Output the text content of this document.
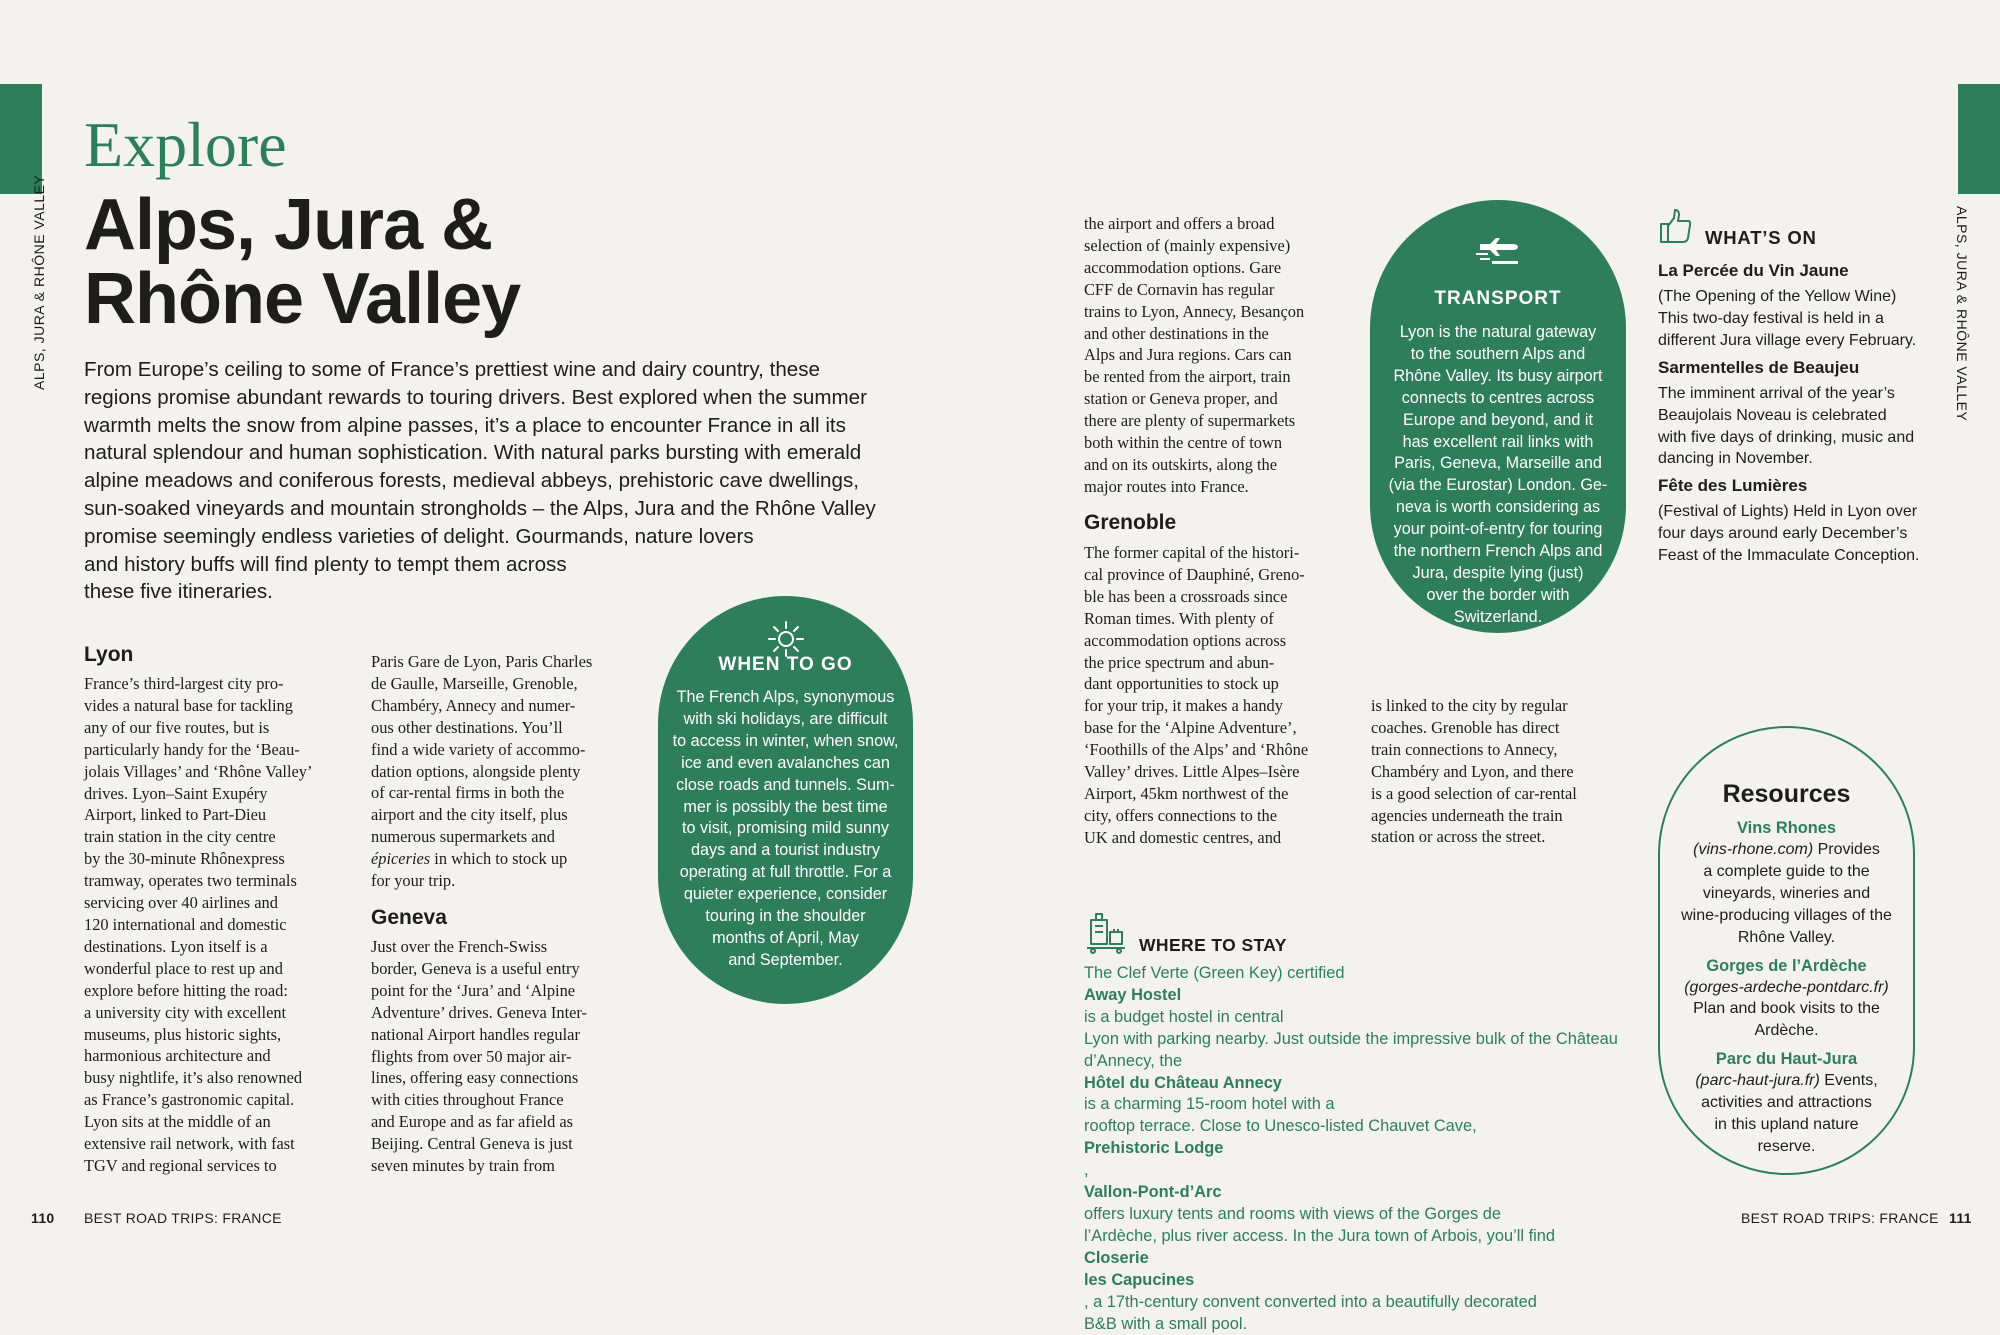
ALPS, JURA & RHÔNE VALLEY	ALPS, JURA & RHÔNE VALLEY
Explore
Alps, Jura &
Rhône Valley
From Europe’s ceiling to some of France’s prettiest wine and dairy country, these
regions promise abundant rewards to touring drivers. Best explored when the summer
warmth melts the snow from alpine passes, it’s a place to encounter France in all its
natural splendour and human sophistication. With natural parks bursting with emerald
alpine meadows and coniferous forests, medieval abbeys, prehistoric cave dwellings,
sun-soaked vineyards and mountain strongholds – the Alps, Jura and the Rhône Valley
promise seemingly endless varieties of delight. Gourmands, nature lovers
and history buffs will find plenty to tempt them across
these five itineraries.
Lyon
France’s third-largest city pro-
vides a natural base for tackling
any of our five routes, but is
particularly handy for the ‘Beau-
jolais Villages’ and ‘Rhône Valley’
drives. Lyon–Saint Exupéry
Airport, linked to Part-Dieu
train station in the city centre
by the 30-minute Rhônexpress
tramway, operates two terminals
servicing over 40 airlines and
120 international and domestic
destinations. Lyon itself is a
wonderful place to rest up and
explore before hitting the road:
a university city with excellent
museums, plus historic sights,
harmonious architecture and
busy nightlife, it’s also renowned
as France’s gastronomic capital.
Lyon sits at the middle of an
extensive rail network, with fast
TGV and regional services to
Paris Gare de Lyon, Paris Charles
de Gaulle, Marseille, Grenoble,
Chambéry, Annecy and numer-
ous other destinations. You’ll
find a wide variety of accommo-
dation options, alongside plenty
of car-rental firms in both the
airport and the city itself, plus
numerous supermarkets and
épiceries in which to stock up
for your trip.
Geneva
Just over the French-Swiss
border, Geneva is a useful entry
point for the ‘Jura’ and ‘Alpine
Adventure’ drives. Geneva Inter-
national Airport handles regular
flights from over 50 major air-
lines, offering easy connections
with cities throughout France
and Europe and as far afield as
Beijing. Central Geneva is just
seven minutes by train from
the airport and offers a broad
selection of (mainly expensive)
accommodation options. Gare
CFF de Cornavin has regular
trains to Lyon, Annecy, Besançon
and other destinations in the
Alps and Jura regions. Cars can
be rented from the airport, train
station or Geneva proper, and
there are plenty of supermarkets
both within the centre of town
and on its outskirts, along the
major routes into France.
WHEN TO GO
The French Alps, synonymous
with ski holidays, are difficult
to access in winter, when snow,
ice and even avalanches can
close roads and tunnels. Sum-
mer is possibly the best time
to visit, promising mild sunny
days and a tourist industry
operating at full throttle. For a
quieter experience, consider
touring in the shoulder
months of April, May
and September.
Grenoble
The former capital of the histori-
cal province of Dauphiné, Greno-
ble has been a crossroads since
Roman times. With plenty of
accommodation options across
the price spectrum and abun-
dant opportunities to stock up
for your trip, it makes a handy
base for the ‘Alpine Adventure’,
‘Foothills of the Alps’ and ‘Rhône
Valley’ drives. Little Alpes–Isère
Airport, 45km northwest of the
city, offers connections to the
UK and domestic centres, and
is linked to the city by regular
coaches. Grenoble has direct
train connections to Annecy,
Chambéry and Lyon, and there
is a good selection of car-rental
agencies underneath the train
station or across the street.
TRANSPORT
Lyon is the natural gateway
to the southern Alps and
Rhône Valley. Its busy airport
connects to centres across
Europe and beyond, and it
has excellent rail links with
Paris, Geneva, Marseille and
(via the Eurostar) London. Ge-
neva is worth considering as
your point-of-entry for touring
the northern French Alps and
Jura, despite lying (just)
over the border with
Switzerland.
WHAT’S ON
La Percée du Vin Jaune
(The Opening of the Yellow Wine)
This two-day festival is held in a
different Jura village every February.
Sarmentelles de Beaujeu
The imminent arrival of the year’s
Beaujolais Noveau is celebrated
with five days of drinking, music and
dancing in November.
Fête des Lumières
(Festival of Lights) Held in Lyon over
four days around early December’s
Feast of the Immaculate Conception.
WHERE TO STAY
The Clef Verte (Green Key) certified
Away Hostel
is a budget hostel in central
Lyon with parking nearby. Just outside the impressive bulk of the Château
d’Annecy, the
Hôtel du Château Annecy
is a charming 15-room hotel with a
rooftop terrace. Close to Unesco-listed Chauvet Cave,
Prehistoric Lodge
,
Vallon-Pont-d’Arc
offers luxury tents and rooms with views of the Gorges de
l’Ardèche, plus river access. In the Jura town of Arbois, you’ll find
Closerie
les Capucines
, a 17th-century convent converted into a beautifully decorated
B&B with a small pool.
Resources
Vins Rhones
(vins-rhone.com) Provides
a complete guide to the
vineyards, wineries and
wine-producing villages of the
Rhône Valley.
Gorges de l’Ardèche
(gorges-ardeche-pontdarc.fr)
Plan and book visits to the
Ardèche.
Parc du Haut-Jura
(parc-haut-jura.fr) Events,
activities and attractions
in this upland nature
reserve.
110 BEST ROAD TRIPS: FRANCE	BEST ROAD TRIPS: FRANCE 111
